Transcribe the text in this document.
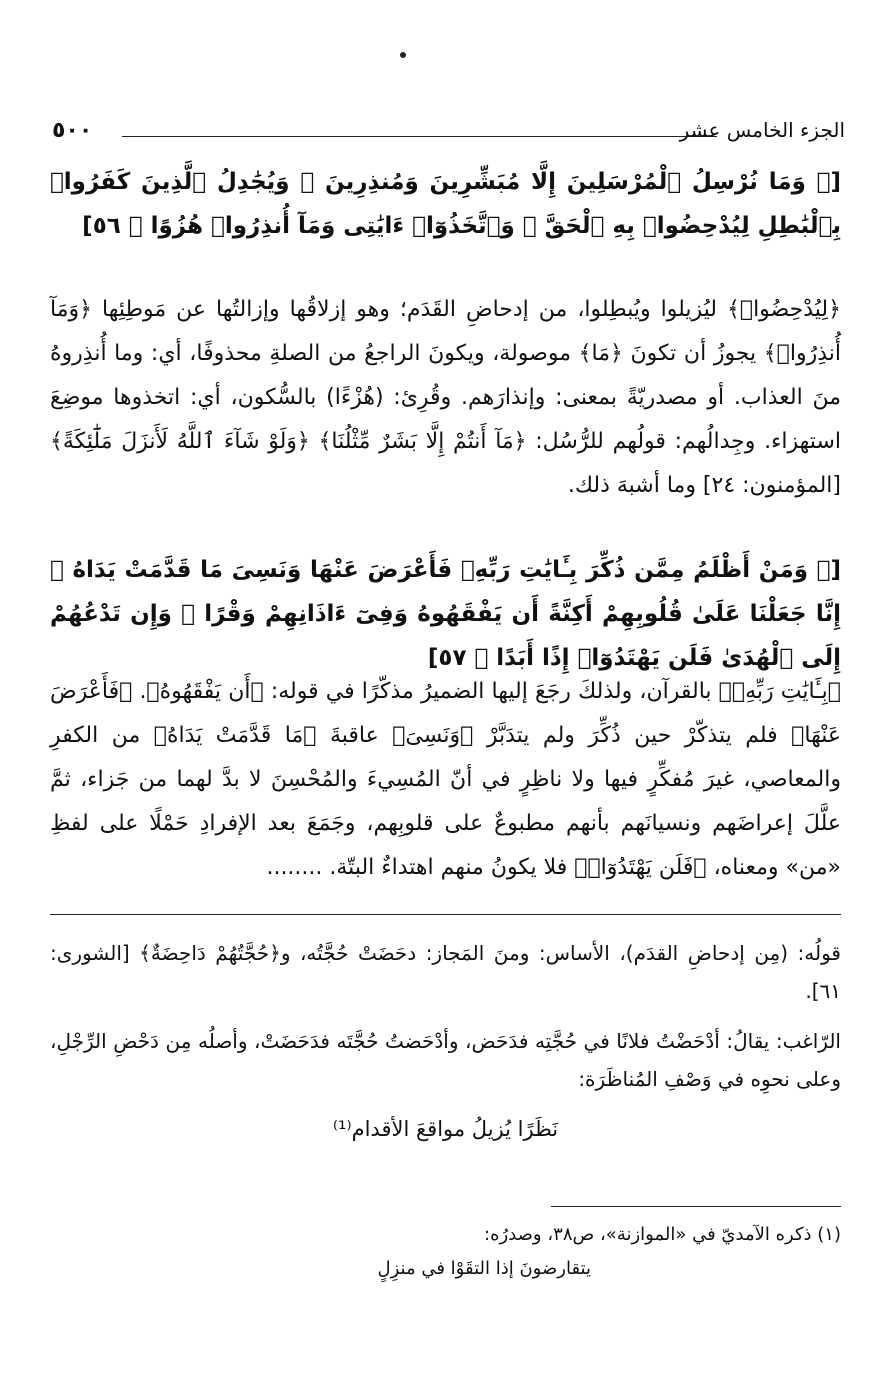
٥٠٠	الجزء الخامس عشر
[﴿ وَمَا نُرْسِلُ ٱلْمُرْسَلِينَ إِلَّا مُبَشِّرِينَ وَمُنذِرِينَ ۚ وَيُجَٰدِلُ ٱلَّذِينَ كَفَرُوا۟ بِٱلْبَٰطِلِ لِيُدْحِضُوا۟ بِهِ ٱلْحَقَّ ۖ وَٱتَّخَذُوٓا۟ ءَايَٰتِى وَمَآ أُنذِرُوا۟ هُزُوًا ﴾ ٥٦]
﴿لِيُدْحِضُوا۟﴾ ليُزيلوا ويُبطِلوا، من إدحاضِ القَدَم؛ وهو إزلاقُها وإزالتُها عن مَوطِئِها ﴿وَمَآ أُنذِرُوا۟﴾ يجوزُ أن تكونَ ﴿مَا﴾ موصولة، ويكونَ الراجعُ من الصلةِ محذوفًا، أي: وما أُنذِروهُ منَ العذاب. أو مصدريّةً بمعنى: وإنذارَهم. وقُرِئ: (هُزْءًا) بالسُّكون، أي: اتخذوها موضِعَ استهزاء. وجِدالُهم: قولُهم للرُّسُل: ﴿مَآ أَنتُمْ إِلَّا بَشَرٌ مِّثْلُنَا﴾ ﴿وَلَوْ شَآءَ ٱللَّهُ لَأَنزَلَ مَلَٰٓئِكَةً﴾ [المؤمنون: ٢٤] وما أشبهَ ذلك.
[﴿ وَمَنْ أَظْلَمُ مِمَّن ذُكِّرَ بِـَٔايَٰتِ رَبِّهِۦ فَأَعْرَضَ عَنْهَا وَنَسِىَ مَا قَدَّمَتْ يَدَاهُ ۚ إِنَّا جَعَلْنَا عَلَىٰ قُلُوبِهِمْ أَكِنَّةً أَن يَفْقَهُوهُ وَفِىٓ ءَاذَانِهِمْ وَقْرًا ۖ وَإِن تَدْعُهُمْ إِلَى ٱلْهُدَىٰ فَلَن يَهْتَدُوٓا۟ إِذًا أَبَدًا ﴾ ٥٧]
﴿بِـَٔايَٰتِ رَبِّهِۦ﴾ بالقرآن، ولذلكَ رجَعَ إليها الضميرُ مذكّرًا في قوله: ﴿أَن يَفْقَهُوهُ﴾. ﴿فَأَعْرَضَ عَنْهَا﴾ فلم يتذكّرْ حين ذُكِّرَ ولم يتدَبَّرْ ﴿وَنَسِىَ﴾ عاقبةَ ﴿مَا قَدَّمَتْ يَدَاهُ﴾ من الكفرِ والمعاصي، غيرَ مُفكِّرٍ فيها ولا ناظِرٍ في أنّ المُسِيءَ والمُحْسِنَ لا بدَّ لهما من جَزاء، ثمَّ علَّلَ إعراضَهم ونسيانَهم بأنهم مطبوعٌ على قلوبِهم، وجَمَعَ بعد الإفرادِ حَمْلًا على لفظِ «من» ومعناه، ﴿فَلَن يَهْتَدُوٓا۟﴾ فلا يكونُ منهم اهتداءٌ البتّة. ........
قولُه: (مِن إدحاضِ القدَم)، الأساس: ومنَ المَجاز: دحَضَتْ حُجَّتُه، و﴿حُجَّتُهُمْ دَاحِضَةٌ﴾ [الشورى: ٦١].
الرّاغب: يقالُ: أدْحَضْتُ فلانًا في حُجَّتِه فدَحَض، وأدْحَضتُ حُجَّتَه فدَحَضَتْ، وأصلُه مِن دَحْضِ الرِّجْلِ، وعلى نحوِه في وَصْفِ المُناظَرَة:
نَظَرًا يُزيلُ مواقعَ الأقدام⁽¹⁾
(١) ذكره الآمديّ في «الموازنة»، ص٣٨، وصدرُه:
يتقارضونَ إذا التقَوْا في منزِلٍ
